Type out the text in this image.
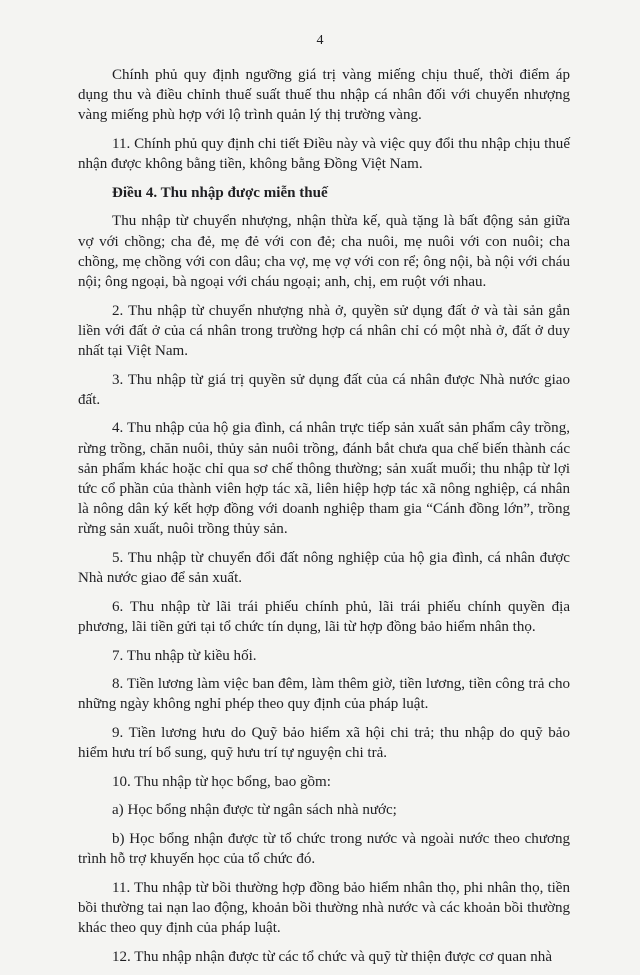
4

Chính phủ quy định ngưỡng giá trị vàng miếng chịu thuế, thời điểm áp dụng thu và điều chỉnh thuế suất thuế thu nhập cá nhân đối với chuyển nhượng vàng miếng phù hợp với lộ trình quản lý thị trường vàng.

11. Chính phủ quy định chi tiết Điều này và việc quy đổi thu nhập chịu thuế nhận được không bằng tiền, không bằng Đồng Việt Nam.

Điều 4. Thu nhập được miễn thuế

Thu nhập từ chuyển nhượng, nhận thừa kế, quà tặng là bất động sản giữa vợ với chồng; cha đẻ, mẹ đẻ với con đẻ; cha nuôi, mẹ nuôi với con nuôi; cha chồng, mẹ chồng với con dâu; cha vợ, mẹ vợ với con rể; ông nội, bà nội với cháu nội; ông ngoại, bà ngoại với cháu ngoại; anh, chị, em ruột với nhau.

2. Thu nhập từ chuyển nhượng nhà ở, quyền sử dụng đất ở và tài sản gắn liền với đất ở của cá nhân trong trường hợp cá nhân chỉ có một nhà ở, đất ở duy nhất tại Việt Nam.

3. Thu nhập từ giá trị quyền sử dụng đất của cá nhân được Nhà nước giao đất.

4. Thu nhập của hộ gia đình, cá nhân trực tiếp sản xuất sản phẩm cây trồng, rừng trồng, chăn nuôi, thủy sản nuôi trồng, đánh bắt chưa qua chế biến thành các sản phẩm khác hoặc chỉ qua sơ chế thông thường; sản xuất muối; thu nhập từ lợi tức cổ phần của thành viên hợp tác xã, liên hiệp hợp tác xã nông nghiệp, cá nhân là nông dân ký kết hợp đồng với doanh nghiệp tham gia “Cánh đồng lớn”, trồng rừng sản xuất, nuôi trồng thủy sản.

5. Thu nhập từ chuyển đổi đất nông nghiệp của hộ gia đình, cá nhân được Nhà nước giao để sản xuất.

6. Thu nhập từ lãi trái phiếu chính phủ, lãi trái phiếu chính quyền địa phương, lãi tiền gửi tại tổ chức tín dụng, lãi từ hợp đồng bảo hiểm nhân thọ.

7. Thu nhập từ kiều hối.

8. Tiền lương làm việc ban đêm, làm thêm giờ, tiền lương, tiền công trả cho những ngày không nghỉ phép theo quy định của pháp luật.

9. Tiền lương hưu do Quỹ bảo hiểm xã hội chi trả; thu nhập do quỹ bảo hiểm hưu trí bổ sung, quỹ hưu trí tự nguyện chi trả.

10. Thu nhập từ học bổng, bao gồm:

a) Học bổng nhận được từ ngân sách nhà nước;

b) Học bổng nhận được từ tổ chức trong nước và ngoài nước theo chương trình hỗ trợ khuyến học của tổ chức đó.

11. Thu nhập từ bồi thường hợp đồng bảo hiểm nhân thọ, phi nhân thọ, tiền bồi thường tai nạn lao động, khoản bồi thường nhà nước và các khoản bồi thường khác theo quy định của pháp luật.

12. Thu nhập nhận được từ các tổ chức và quỹ từ thiện được cơ quan nhà
